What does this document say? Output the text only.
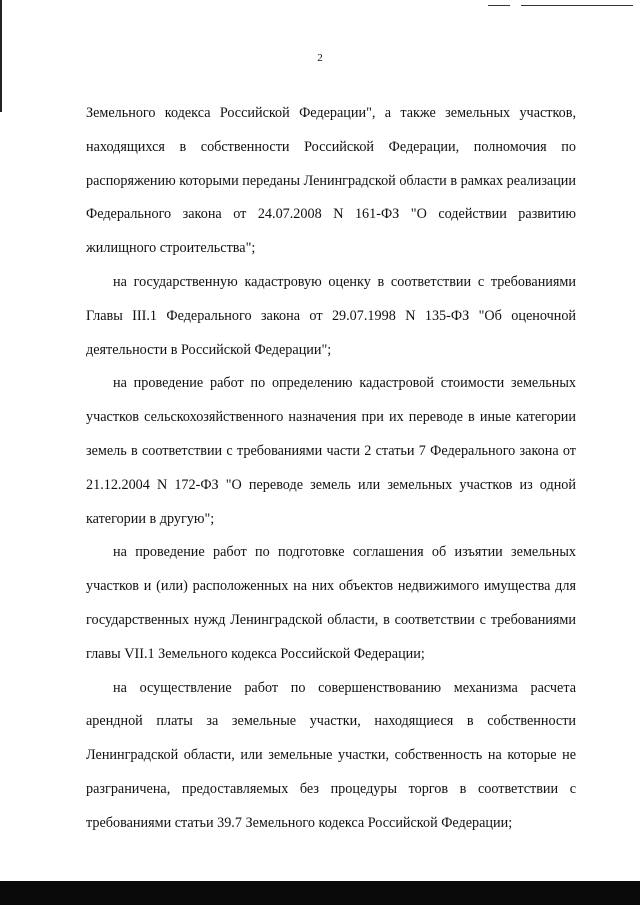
2

Земельного кодекса Российской Федерации", а также земельных участков, находящихся в собственности Российской Федерации, полномочия по распоряжению которыми переданы Ленинградской области в рамках реализации Федерального закона от 24.07.2008 N 161-ФЗ "О содействии развитию жилищного строительства";

на государственную кадастровую оценку в соответствии с требованиями Главы III.1 Федерального закона от 29.07.1998 N 135-ФЗ "Об оценочной деятельности в Российской Федерации";

на проведение работ по определению кадастровой стоимости земельных участков сельскохозяйственного назначения при их переводе в иные категории земель в соответствии с требованиями части 2 статьи 7 Федерального закона от 21.12.2004 N 172-ФЗ "О переводе земель или земельных участков из одной категории в другую";

на проведение работ по подготовке соглашения об изъятии земельных участков и (или) расположенных на них объектов недвижимого имущества для государственных нужд Ленинградской области, в соответствии с требованиями главы VII.1 Земельного кодекса Российской Федерации;

на осуществление работ по совершенствованию механизма расчета арендной платы за земельные участки, находящиеся в собственности Ленинградской области, или земельные участки, собственность на которые не разграничена, предоставляемых без процедуры торгов в соответствии с требованиями статьи 39.7 Земельного кодекса Российской Федерации;
